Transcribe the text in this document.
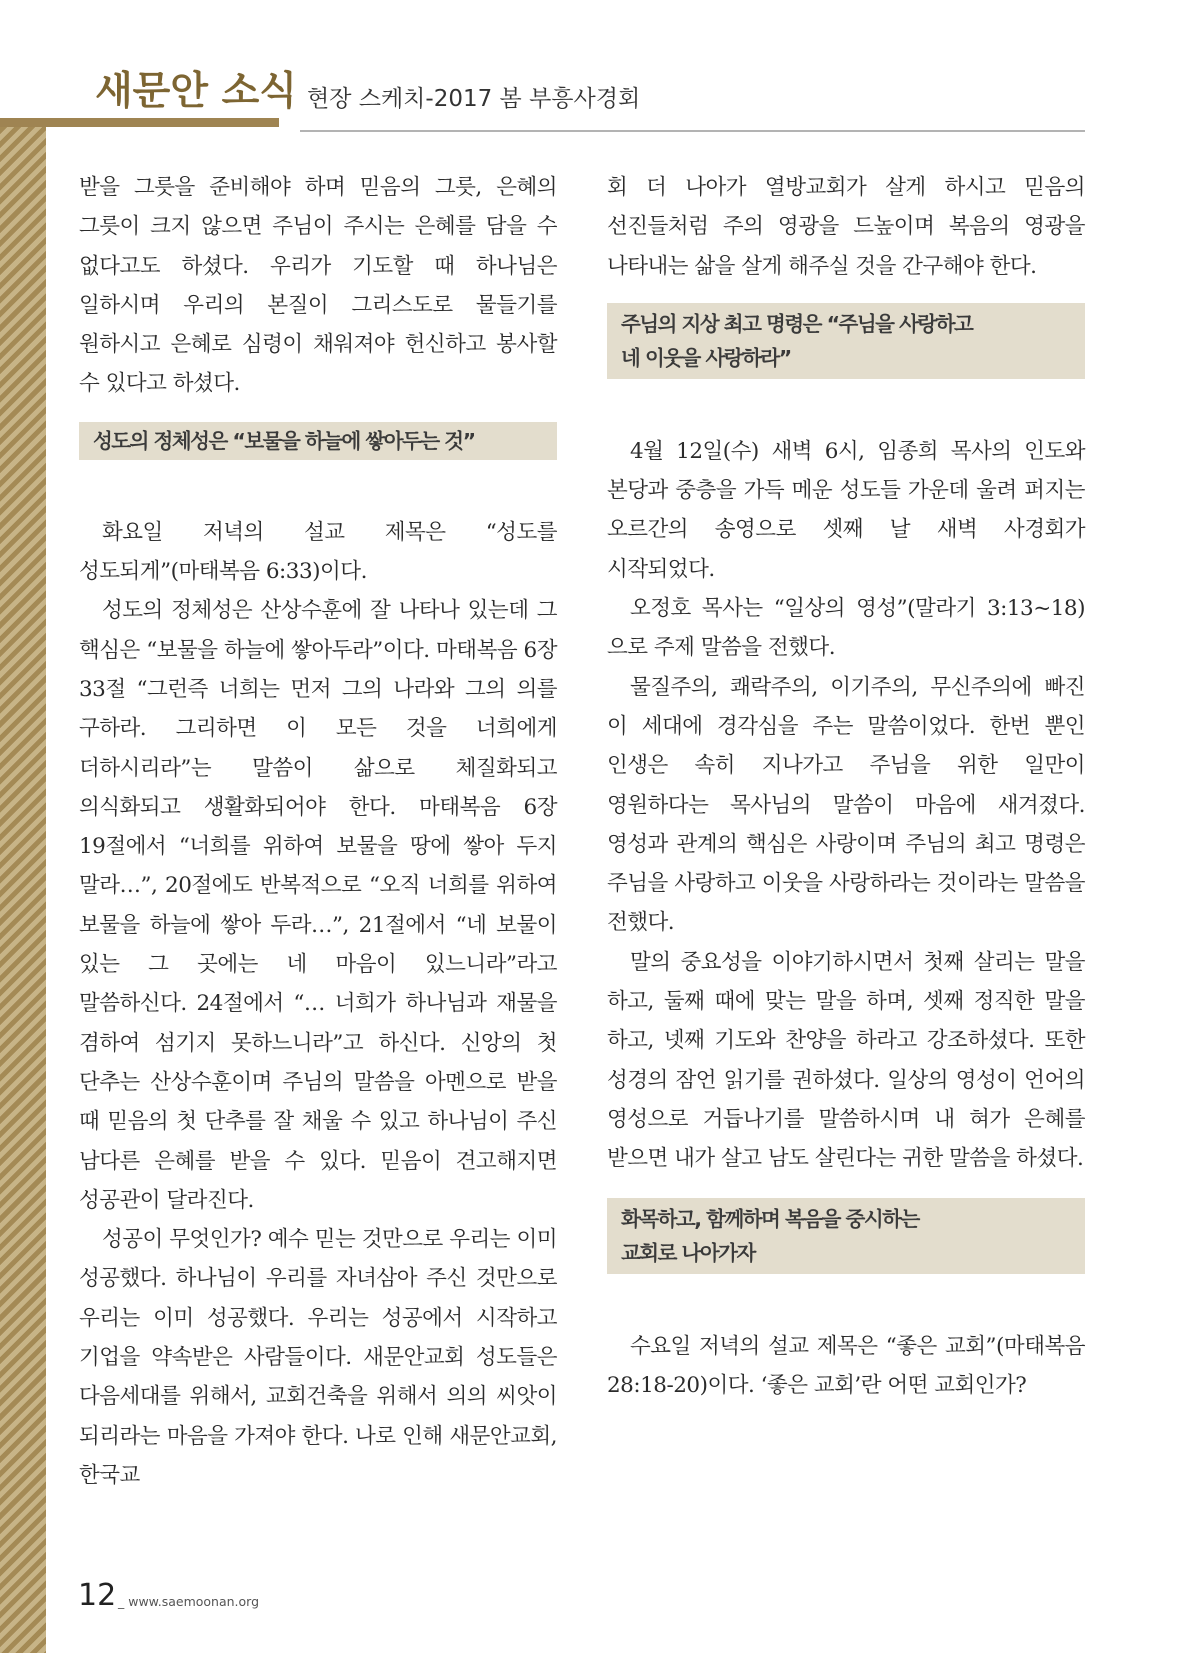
새문안 소식 현장 스케치-2017 봄 부흥사경회

받을 그릇을 준비해야 하며 믿음의 그릇, 은혜의 그릇이 크지 않으면 주님이 주시는 은혜를 담을 수 없다고도 하셨다. 우리가 기도할 때 하나님은 일하시며 우리의 본질이 그리스도로 물들기를 원하시고 은혜로 심령이 채워져야 헌신하고 봉사할 수 있다고 하셨다.

성도의 정체성은 “보물을 하늘에 쌓아두는 것”

화요일 저녁의 설교 제목은 “성도를 성도되게”(마태복음 6:33)이다.

성도의 정체성은 산상수훈에 잘 나타나 있는데 그 핵심은 “보물을 하늘에 쌓아두라”이다. 마태복음 6장 33절 “그런즉 너희는 먼저 그의 나라와 그의 의를 구하라. 그리하면 이 모든 것을 너희에게 더하시리라”는 말씀이 삶으로 체질화되고 의식화되고 생활화되어야 한다. 마태복음 6장 19절에서 “너희를 위하여 보물을 땅에 쌓아 두지 말라…”, 20절에도 반복적으로 “오직 너희를 위하여 보물을 하늘에 쌓아 두라…”, 21절에서 “네 보물이 있는 그 곳에는 네 마음이 있느니라”라고 말씀하신다. 24절에서 “… 너희가 하나님과 재물을 겸하여 섬기지 못하느니라”고 하신다. 신앙의 첫 단추는 산상수훈이며 주님의 말씀을 아멘으로 받을 때 믿음의 첫 단추를 잘 채울 수 있고 하나님이 주신 남다른 은혜를 받을 수 있다. 믿음이 견고해지면 성공관이 달라진다.

성공이 무엇인가? 예수 믿는 것만으로 우리는 이미 성공했다. 하나님이 우리를 자녀삼아 주신 것만으로 우리는 이미 성공했다. 우리는 성공에서 시작하고 기업을 약속받은 사람들이다. 새문안교회 성도들은 다음세대를 위해서, 교회건축을 위해서 의의 씨앗이 되리라는 마음을 가져야 한다. 나로 인해 새문안교회, 한국교

회 더 나아가 열방교회가 살게 하시고 믿음의 선진들처럼 주의 영광을 드높이며 복음의 영광을 나타내는 삶을 살게 해주실 것을 간구해야 한다.

주님의 지상 최고 명령은 “주님을 사랑하고
네 이웃을 사랑하라”

4월 12일(수) 새벽 6시, 임종희 목사의 인도와 본당과 중층을 가득 메운 성도들 가운데 울려 퍼지는 오르간의 송영으로 셋째 날 새벽 사경회가 시작되었다.

오정호 목사는 “일상의 영성”(말라기 3:13~18)으로 주제 말씀을 전했다.

물질주의, 쾌락주의, 이기주의, 무신주의에 빠진 이 세대에 경각심을 주는 말씀이었다. 한번 뿐인 인생은 속히 지나가고 주님을 위한 일만이 영원하다는 목사님의 말씀이 마음에 새겨졌다. 영성과 관계의 핵심은 사랑이며 주님의 최고 명령은 주님을 사랑하고 이웃을 사랑하라는 것이라는 말씀을 전했다.

말의 중요성을 이야기하시면서 첫째 살리는 말을 하고, 둘째 때에 맞는 말을 하며, 셋째 정직한 말을 하고, 넷째 기도와 찬양을 하라고 강조하셨다. 또한 성경의 잠언 읽기를 권하셨다. 일상의 영성이 언어의 영성으로 거듭나기를 말씀하시며 내 혀가 은혜를 받으면 내가 살고 남도 살린다는 귀한 말씀을 하셨다.

화목하고, 함께하며 복음을 중시하는
교회로 나아가자

수요일 저녁의 설교 제목은 “좋은 교회”(마태복음 28:18-20)이다. ‘좋은 교회’란 어떤 교회인가?

12 _ www.saemoonan.org
